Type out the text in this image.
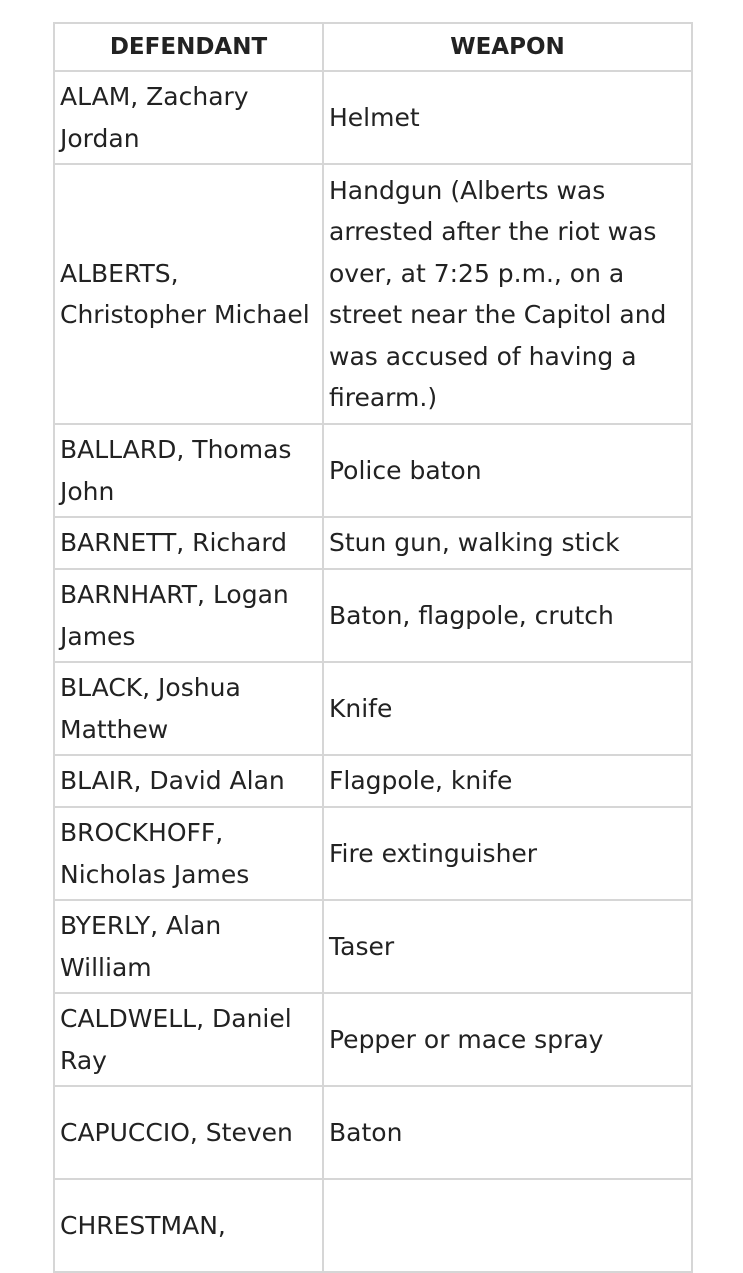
DEFENDANT	WEAPON
ALAM, Zachary Jordan	Helmet
ALBERTS, Christopher Michael	Handgun (Alberts was arrested after the riot was over, at 7:25 p.m., on a street near the Capitol and was accused of having a firearm.)
BALLARD, Thomas John	Police baton
BARNETT, Richard	Stun gun, walking stick
BARNHART, Logan James	Baton, flagpole, crutch
BLACK, Joshua Matthew	Knife
BLAIR, David Alan	Flagpole, knife
BROCKHOFF, Nicholas James	Fire extinguisher
BYERLY, Alan William	Taser
CALDWELL, Daniel Ray	Pepper or mace spray
CAPUCCIO, Steven	Baton
CHRESTMAN,	
